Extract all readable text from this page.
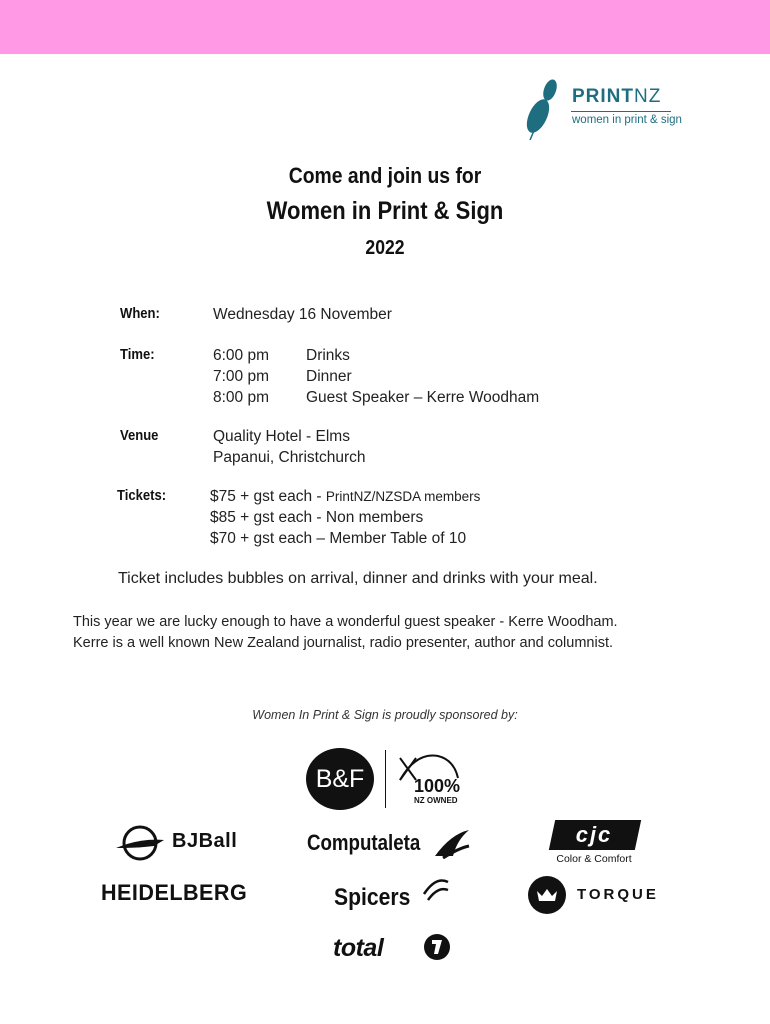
PRINTNZ
women in print & sign
Come and join us for
Women in Print & Sign
2022
When:	Wednesday 16 November
Time:	6:00 pm Drinks
7:00 pm Dinner
8:00 pm Guest Speaker – Kerre Woodham
Venue	Quality Hotel - Elms
Papanui, Christchurch
Tickets:	$75 + gst each - PrintNZ/NZSDA members
$85 + gst each - Non members
$70 + gst each – Member Table of 10
Ticket includes bubbles on arrival, dinner and drinks with your meal.
This year we are lucky enough to have a wonderful guest speaker - Kerre Woodham.
Kerre is a well known New Zealand journalist, radio presenter, author and columnist.
Women In Print & Sign is proudly sponsored by:
B&F	100%
NZ OWNED
BJBall	Computaleta	cjc
Color & Comfort
HEIDELBERG	Spicers	TORQUE
total
